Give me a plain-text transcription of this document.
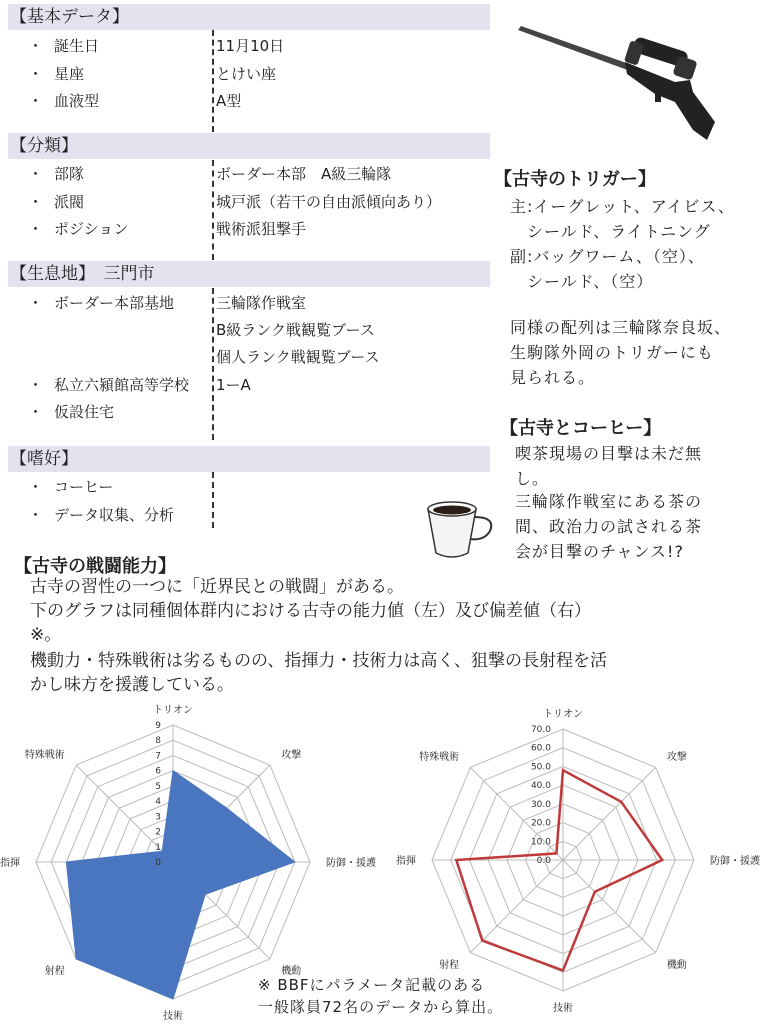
【基本データ】
・ 誕生日	11月10日
・ 星座	とけい座
・ 血液型	A型
【分類】
・ 部隊	ボーダー本部　A級三輪隊
・ 派閥	城戸派（若干の自由派傾向あり）
・ ポジション	戦術派狙撃手
【生息地】　三門市
・ ボーダー本部基地	三輪隊作戦室
B級ランク戦観覧ブース
個人ランク戦観覧ブース
・ 私立六潁館高等学校 1ーA
・ 仮設住宅
【嗜好】
・ コーヒー
・ データ収集、分析
【古寺のトリガー】
主:イーグレット、アイビス、
　シールド、ライトニング
副:バッグワーム、（空）、
　シールド、（空）
同様の配列は三輪隊奈良坂、
生駒隊外岡のトリガーにも
見られる。
【古寺とコーヒー】
喫茶現場の目撃は未だ無
し。
三輪隊作戦室にある茶の
間、政治力の試される茶
会が目撃のチャンス!?
【古寺の戦闘能力】
古寺の習性の一つに「近界民との戦闘」がある。
下のグラフは同種個体群内における古寺の能力値（左）及び偏差値（右）
※。
機動力・特殊戦術は劣るものの、指揮力・技術力は高く、狙撃の長射程を活
かし味方を援護している。
0
1
2
3
4
5
6
7
8
9
トリオン
攻撃
防御・援護
機動
技術
射程
指揮
特殊戦術
0.0
10.0
20.0
30.0
40.0
50.0
60.0
70.0
トリオン
攻撃
防御・援護
機動
技術
射程
指揮
特殊戦術
※ BBFにパラメータ記載のある
一般隊員72名のデータから算出。
